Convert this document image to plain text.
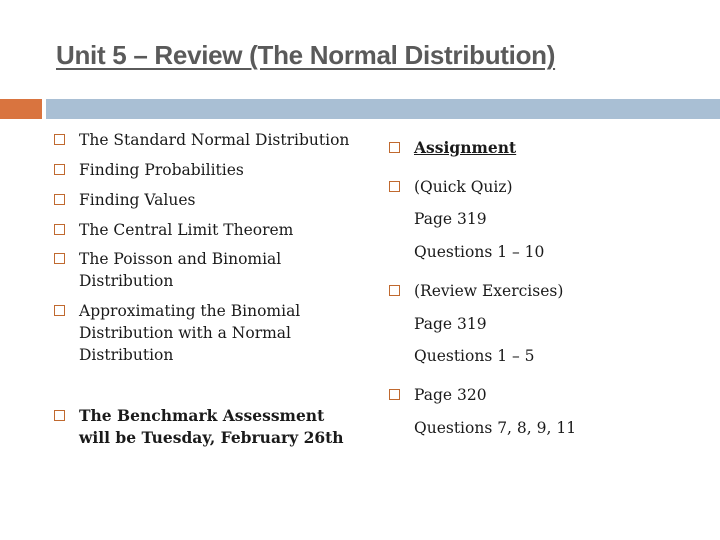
Unit 5 – Review (The Normal Distribution)
The Standard Normal Distribution
Finding Probabilities
Finding Values
The Central Limit Theorem
The Poisson and Binomial Distribution
Approximating the Binomial Distribution with a Normal Distribution
The Benchmark Assessment will be Tuesday, February 26th
Assignment
(Quick Quiz)
Page 319
Questions 1 – 10
(Review Exercises)
Page 319
Questions 1 – 5
Page 320
Questions 7, 8, 9, 11
